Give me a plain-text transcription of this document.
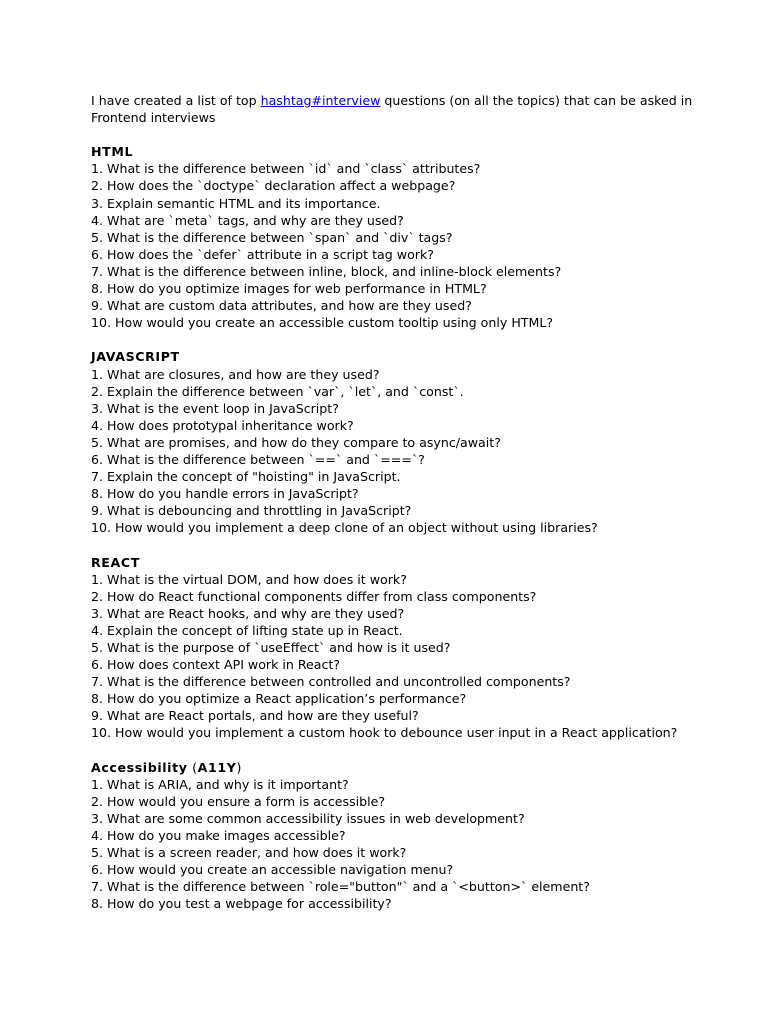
I have created a list of top hashtag#interview questions (on all the topics) that can be asked in Frontend interviews

HTML
1. What is the difference between `id` and `class` attributes?
2. How does the `doctype` declaration affect a webpage?
3. Explain semantic HTML and its importance.
4. What are `meta` tags, and why are they used?
5. What is the difference between `span` and `div` tags?
6. How does the `defer` attribute in a script tag work?
7. What is the difference between inline, block, and inline-block elements?
8. How do you optimize images for web performance in HTML?
9. What are custom data attributes, and how are they used?
10. How would you create an accessible custom tooltip using only HTML?
JAVASCRIPT
1. What are closures, and how are they used?
2. Explain the difference between `var`, `let`, and `const`.
3. What is the event loop in JavaScript?
4. How does prototypal inheritance work?
5. What are promises, and how do they compare to async/await?
6. What is the difference between `==` and `===`?
7. Explain the concept of "hoisting" in JavaScript.
8. How do you handle errors in JavaScript?
9. What is debouncing and throttling in JavaScript?
10. How would you implement a deep clone of an object without using libraries?
REACT
1. What is the virtual DOM, and how does it work?
2. How do React functional components differ from class components?
3. What are React hooks, and why are they used?
4. Explain the concept of lifting state up in React.
5. What is the purpose of `useEffect` and how is it used?
6. How does context API work in React?
7. What is the difference between controlled and uncontrolled components?
8. How do you optimize a React application’s performance?
9. What are React portals, and how are they useful?
10. How would you implement a custom hook to debounce user input in a React application?
Accessibility (A11Y)
1. What is ARIA, and why is it important?
2. How would you ensure a form is accessible?
3. What are some common accessibility issues in web development?
4. How do you make images accessible?
5. What is a screen reader, and how does it work?
6. How would you create an accessible navigation menu?
7. What is the difference between `role="button"` and a `<button>` element?
8. How do you test a webpage for accessibility?
